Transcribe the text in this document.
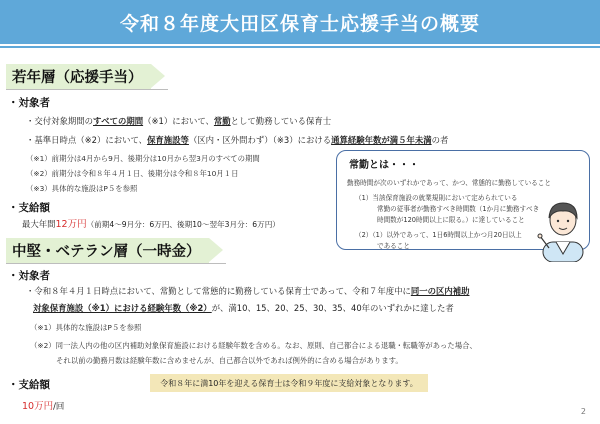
令和８年度大田区保育士応援手当の概要
若年層（応援手当）
・対象者
・交付対象期間のすべての期間（※1）において、常勤として勤務している保育士
・基準日時点（※2）において、保育施設等（区内・区外問わず）（※3）における通算経験年数が満５年未満の者
（※1）前期分は4月から9月、後期分は10月から翌3月のすべての期間
（※2）前期分は令和８年４月１日、後期分は令和８年10月１日
（※3）具体的な施設はP５を参照
・支給額
最大年間12万円（前期4～9月分：6万円、後期10～翌年3月分：6万円）
常勤とは・・・
勤務時間が次のいずれかであって、かつ、常態的に勤務していること
（1）当該保育施設の就業規則において定められている
常勤の従事者が勤務すべき時間数（1か月に勤務すべき
時間数が120時間以上に限る。）に達していること
（2）（1）以外であって、1日6時間以上かつ月20日以上
であること
中堅・ベテラン層（一時金）
・対象者
・令和８年４月１日時点において、常勤として常態的に勤務している保育士であって、令和７年度中に同一の区内補助
対象保育施設（※1）における経験年数（※2）が、満10、15、20、25、30、35、40年のいずれかに達した者
（※1）具体的な施設はP５を参照
（※2）同一法人内の他の区内補助対象保育施設における経験年数を含める。なお、原則、自己都合による退職・転職等があった場合、
それ以前の勤務月数は経験年数に含めませんが、自己都合以外であれば例外的に含める場合があります。
・支給額
10万円/回
令和８年に満10年を迎える保育士は令和９年度に支給対象となります。
2
